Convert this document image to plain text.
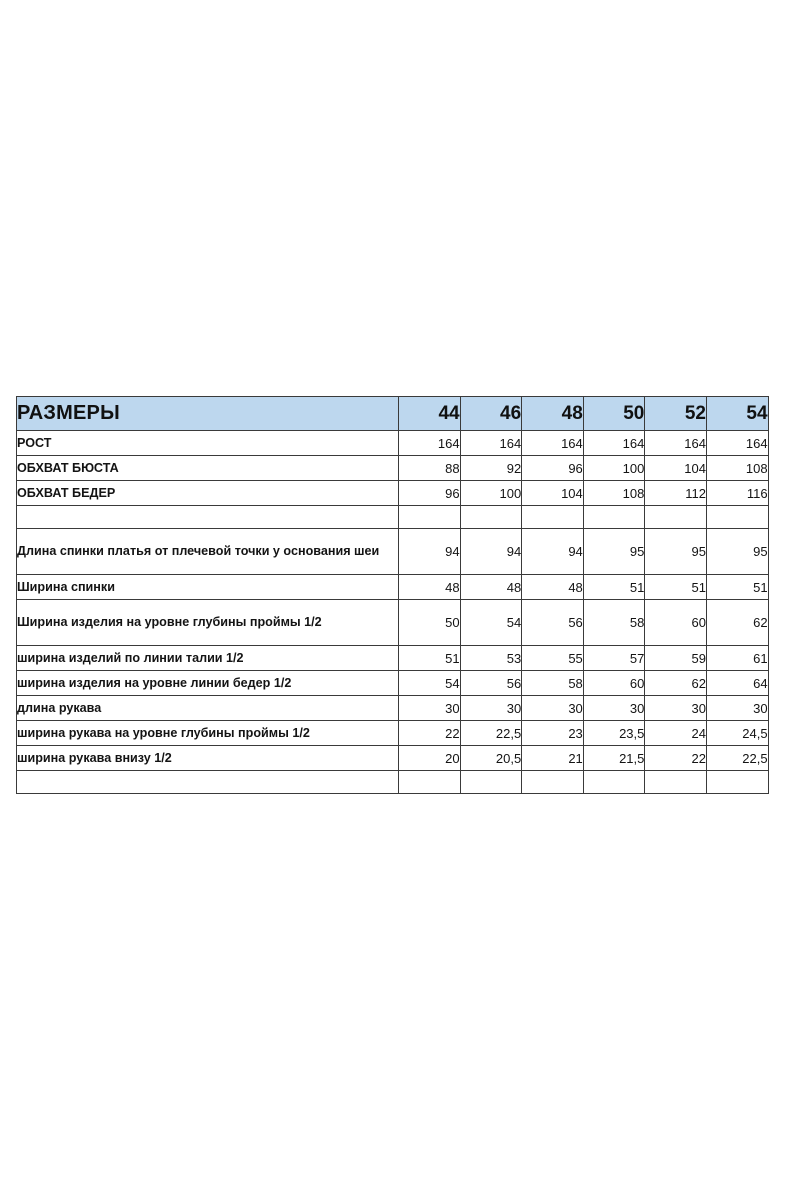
РАЗМЕРЫ	44	46	48	50	52	54
РОСТ	164	164	164	164	164	164
ОБХВАТ БЮСТА	88	92	96	100	104	108
ОБХВАТ БЕДЕР	96	100	104	108	112	116

Длина спинки платья от плечевой точки у основания шеи	94	94	94	95	95	95
Ширина спинки	48	48	48	51	51	51
Ширина изделия на уровне глубины проймы 1/2	50	54	56	58	60	62
ширина изделий по линии талии 1/2	51	53	55	57	59	61
ширина изделия на уровне линии бедер 1/2	54	56	58	60	62	64
длина рукава	30	30	30	30	30	30
ширина рукава на уровне глубины проймы 1/2	22	22,5	23	23,5	24	24,5
ширина рукава внизу 1/2	20	20,5	21	21,5	22	22,5
